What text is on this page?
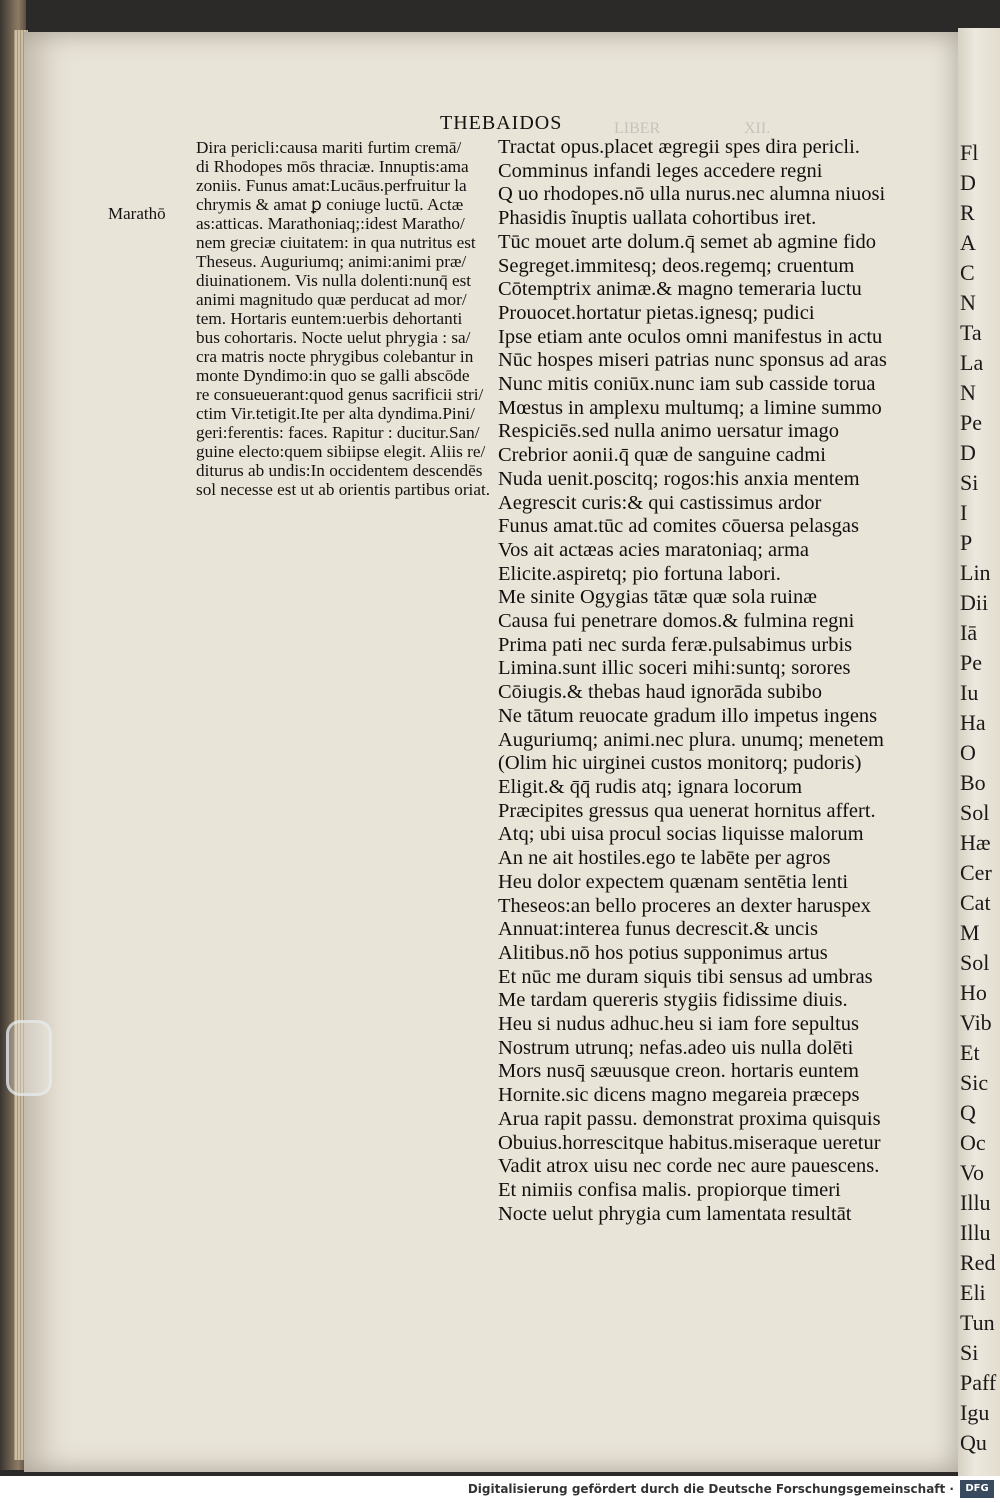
LIBER	XII.
Fl
D
R
A
C
N
Ta
La
N
Pe
D
Si
I
P
Lin
Dii
Iā
Pe
Iu
Ha
O
Bo
Sol
Hæ
Cer
Cat
M
Sol
Ho
Vib
Et
Sic
Q
Oc
Vo
Illu
Illu
Red
Eli
Tun
Si
Paff
Igu
Qu
THEBAIDOS
Marathō
Dira pericli:causa mariti furtim cremā/
di Rhodopes mōs thraciæ. Innuptis:ama
zoniis. Funus amat:Lucāus.perfruitur la
chrymis & amat ꝑ coniuge luctū. Actæ
as:atticas. Marathoniaq;:idest Maratho/
nem greciæ ciuitatem: in qua nutritus est
Theseus. Auguriumq; animi:animi præ/
diuinationem. Vis nulla dolenti:nunq̄ est
animi magnitudo quæ perducat ad mor/
tem. Hortaris euntem:uerbis dehortanti
bus cohortaris. Nocte uelut phrygia : sa/
cra matris nocte phrygibus colebantur in
monte Dyndimo:in quo se galli abscōde
re consueuerant:quod genus sacrificii stri/
ctim Vir.tetigit.Ite per alta dyndima.Pini/
geri:ferentis: faces. Rapitur : ducitur.San/
guine electo:quem sibiipse elegit. Aliis re/
diturus ab undis:In occidentem descendēs
sol necesse est ut ab orientis partibus oriat.
Tractat opus.placet ægregii spes dira pericli.
Comminus infandi leges accedere regni
Q uo rhodopes.nō ulla nurus.nec alumna niuosi
Phasidis ĩnuptis uallata cohortibus iret.
Tūc mouet arte dolum.q̄ semet ab agmine fido
Segreget.immitesq; deos.regemq; cruentum
Cōtemptrix animæ.& magno temeraria luctu
Prouocet.hortatur pietas.ignesq; pudici
Ipse etiam ante oculos omni manifestus in actu
Nūc hospes miseri patrias nunc sponsus ad aras
Nunc mitis coniūx.nunc iam sub casside torua
Mœstus in amplexu multumq; a limine summo
Respiciēs.sed nulla animo uersatur imago
Crebrior aonii.q̄ quæ de sanguine cadmi
Nuda uenit.poscitq; rogos:his anxia mentem
Aegrescit curis:& qui castissimus ardor
Funus amat.tūc ad comites cōuersa pelasgas
Vos ait actæas acies maratoniaq; arma
Elicite.aspiretq; pio fortuna labori.
Me sinite Ogygias tātæ quæ sola ruinæ
Causa fui penetrare domos.& fulmina regni
Prima pati nec surda feræ.pulsabimus urbis
Limina.sunt illic soceri mihi:suntq; sorores
Cōiugis.& thebas haud ignorāda subibo
Ne tātum reuocate gradum illo impetus ingens
Auguriumq; animi.nec plura. unumq; menetem
(Olim hic uirginei custos monitorq; pudoris)
Eligit.& q̄q̄ rudis atq; ignara locorum
Præcipites gressus qua uenerat hornitus affert.
Atq; ubi uisa procul socias liquisse malorum
An ne ait hostiles.ego te labēte per agros
Heu dolor expectem quænam sentētia lenti
Theseos:an bello proceres an dexter haruspex
Annuat:interea funus decrescit.& uncis
Alitibus.nō hos potius supponimus artus
Et nūc me duram siquis tibi sensus ad umbras
Me tardam quereris stygiis fidissime diuis.
Heu si nudus adhuc.heu si iam fore sepultus
Nostrum utrunq; nefas.adeo uis nulla dolēti
Mors nusq̄ sæuusque creon. hortaris euntem
Hornite.sic dicens magno megareia præceps
Arua rapit passu. demonstrat proxima quisquis
Obuius.horrescitque habitus.miseraque ueretur
Vadit atrox uisu nec corde nec aure pauescens.
Et nimiis confisa malis. propiorque timeri
Nocte uelut phrygia cum lamentata resultāt
Digitalisierung gefördert durch die Deutsche Forschungsgemeinschaft ·	DFG
